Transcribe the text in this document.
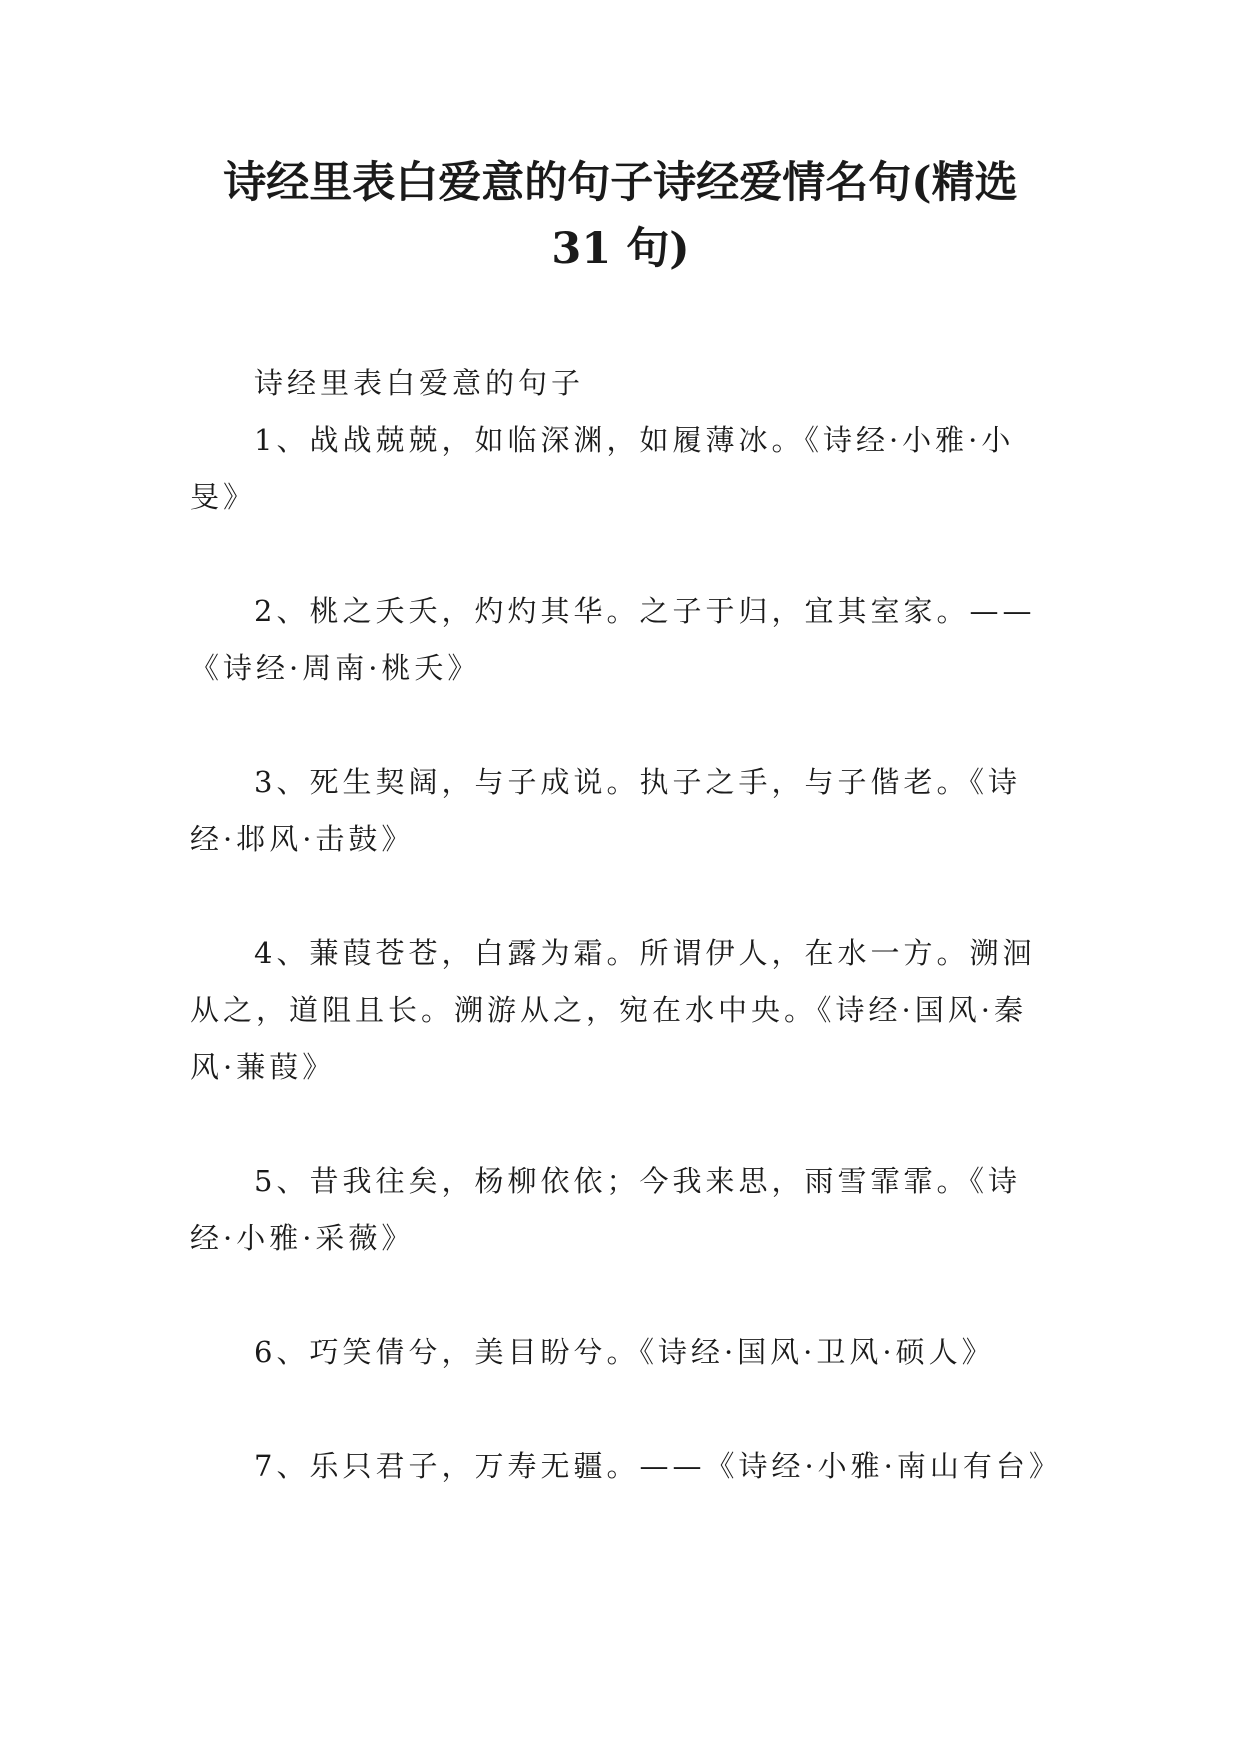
诗经里表白爱意的句子诗经爱情名句(精选
31 句)

诗经里表白爱意的句子

1、战战兢兢，如临深渊，如履薄冰。《诗经·小雅·小旻》

2、桃之夭夭，灼灼其华。之子于归，宜其室家。——《诗经·周南·桃夭》

3、死生契阔，与子成说。执子之手，与子偕老。《诗经·邶风·击鼓》

4、蒹葭苍苍，白露为霜。所谓伊人，在水一方。溯洄从之，道阻且长。溯游从之，宛在水中央。《诗经·国风·秦风·蒹葭》

5、昔我往矣，杨柳依依；今我来思，雨雪霏霏。《诗经·小雅·采薇》

6、巧笑倩兮，美目盼兮。《诗经·国风·卫风·硕人》

7、乐只君子，万寿无疆。——《诗经·小雅·南山有台》
